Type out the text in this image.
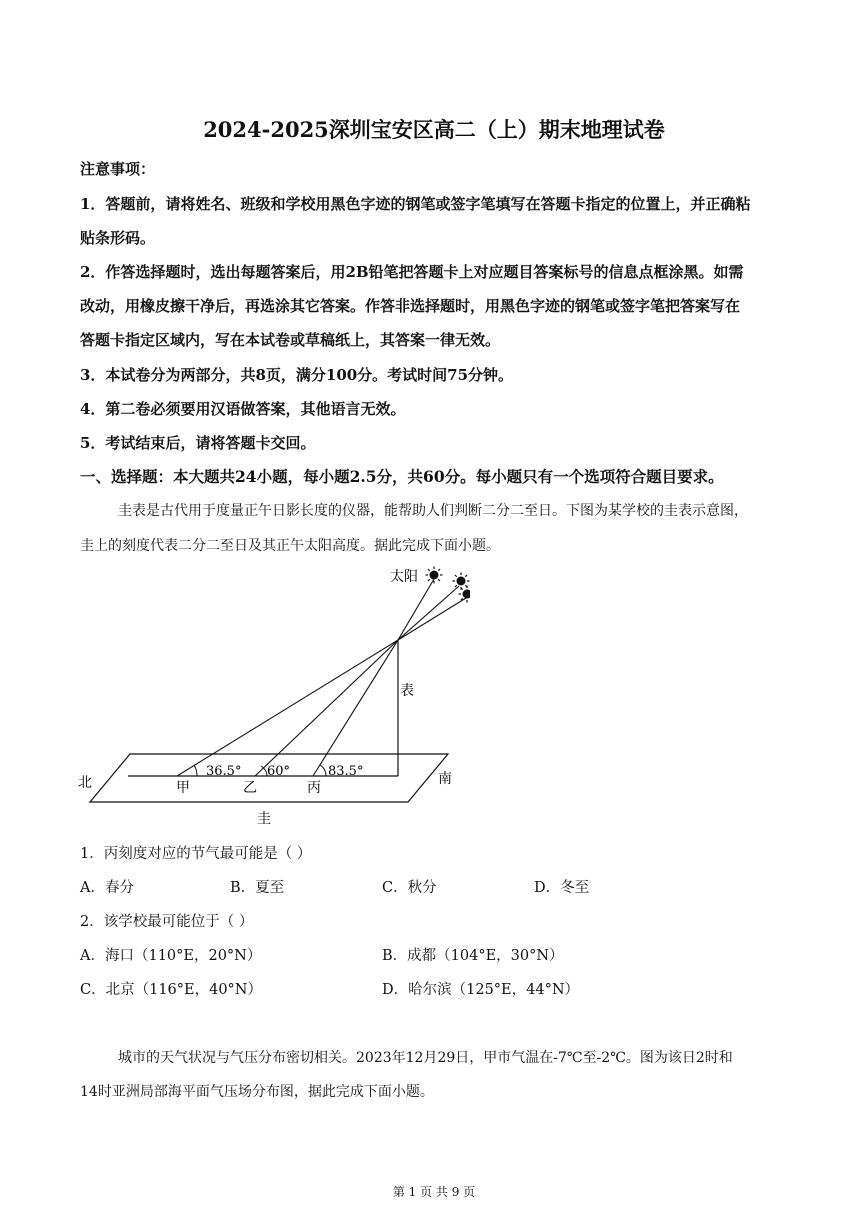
2024-2025深圳宝安区高二（上）期末地理试卷
注意事项：
1．答题前，请将姓名、班级和学校用黑色字迹的钢笔或签字笔填写在答题卡指定的位置上，并正确粘
贴条形码。
2．作答选择题时，选出每题答案后，用2B铅笔把答题卡上对应题目答案标号的信息点框涂黑。如需
改动，用橡皮擦干净后，再选涂其它答案。作答非选择题时，用黑色字迹的钢笔或签字笔把答案写在
答题卡指定区域内，写在本试卷或草稿纸上，其答案一律无效。
3．本试卷分为两部分，共8页，满分100分。考试时间75分钟。
4．第二卷必须要用汉语做答案，其他语言无效。
5．考试结束后，请将答题卡交回。
一、选择题：本大题共24小题，每小题2.5分，共60分。每小题只有一个选项符合题目要求。
圭表是古代用于度量正午日影长度的仪器，能帮助人们判断二分二至日。下图为某学校的圭表示意图，
圭上的刻度代表二分二至日及其正午太阳高度。据此完成下面小题。
太阳
表
北	南
甲	乙	丙
36.5° 60°	83.5°
圭
1．丙刻度对应的节气最可能是（ ）
A．春分	B．夏至	C．秋分	D．冬至
2．该学校最可能位于（ ）
A．海口（110°E，20°N）	B．成都（104°E，30°N）
C．北京（116°E，40°N）	D．哈尔滨（125°E，44°N）
城市的天气状况与气压分布密切相关。2023年12月29日，甲市气温在-7℃至-2℃。图为该日2时和
14时亚洲局部海平面气压场分布图，据此完成下面小题。
第 1 页 共 9 页
